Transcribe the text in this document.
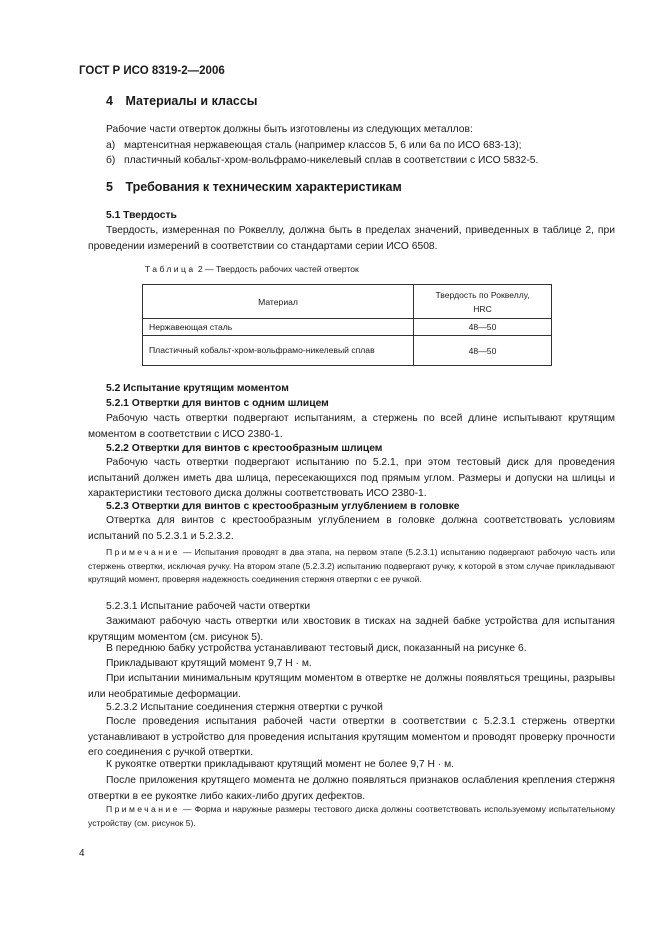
ГОСТ Р ИСО 8319-2—2006
4 Материалы и классы
Рабочие части отверток должны быть изготовлены из следующих металлов:
а) мартенситная нержавеющая сталь (например классов 5, 6 или 6а по ИСО 683-13);
б) пластичный кобальт-хром-вольфрамо-никелевый сплав в соответствии с ИСО 5832-5.
5 Требования к техническим характеристикам
5.1 Твердость
Твердость, измеренная по Роквеллу, должна быть в пределах значений, приведенных в таблице 2, при проведении измерений в соответствии со стандартами серии ИСО 6508.
Таблица 2 — Твердость рабочих частей отверток
Материал	Твердость по Роквеллу,
HRC
Нержавеющая сталь	48—50
Пластичный кобальт-хром-вольфрамо-никелевый сплав	48—50
5.2 Испытание крутящим моментом
5.2.1 Отвертки для винтов с одним шлицем
Рабочую часть отвертки подвергают испытаниям, а стержень по всей длине испытывают крутящим моментом в соответствии с ИСО 2380-1.
5.2.2 Отвертки для винтов с крестообразным шлицем
Рабочую часть отвертки подвергают испытанию по 5.2.1, при этом тестовый диск для проведения испытаний должен иметь два шлица, пересекающихся под прямым углом. Размеры и допуски на шлицы и характеристики тестового диска должны соответствовать ИСО 2380-1.
5.2.3 Отвертки для винтов с крестообразным углублением в головке
Отвертка для винтов с крестообразным углублением в головке должна соответствовать условиям испытаний по 5.2.3.1 и 5.2.3.2.
Примечание — Испытания проводят в два этапа, на первом этапе (5.2.3.1) испытанию подвергают рабочую часть или стержень отвертки, исключая ручку. На втором этапе (5.2.3.2) испытанию подвергают ручку, к которой в этом случае прикладывают крутящий момент, проверяя надежность соединения стержня отвертки с ее ручкой.
5.2.3.1 Испытание рабочей части отвертки
Зажимают рабочую часть отвертки или хвостовик в тисках на задней бабке устройства для испытания крутящим моментом (см. рисунок 5).
В переднюю бабку устройства устанавливают тестовый диск, показанный на рисунке 6.
Прикладывают крутящий момент 9,7 Н · м.
При испытании минимальным крутящим моментом в отвертке не должны появляться трещины, разрывы или необратимые деформации.
5.2.3.2 Испытание соединения стержня отвертки с ручкой
После проведения испытания рабочей части отвертки в соответствии с 5.2.3.1 стержень отвертки устанавливают в устройство для проведения испытания крутящим моментом и проводят проверку прочности его соединения с ручкой отвертки.
К рукоятке отвертки прикладывают крутящий момент не более 9,7 Н · м.
После приложения крутящего момента не должно появляться признаков ослабления крепления стержня отвертки в ее рукоятке либо каких-либо других дефектов.
Примечание — Форма и наружные размеры тестового диска должны соответствовать используемому испытательному устройству (см. рисунок 5).
4
